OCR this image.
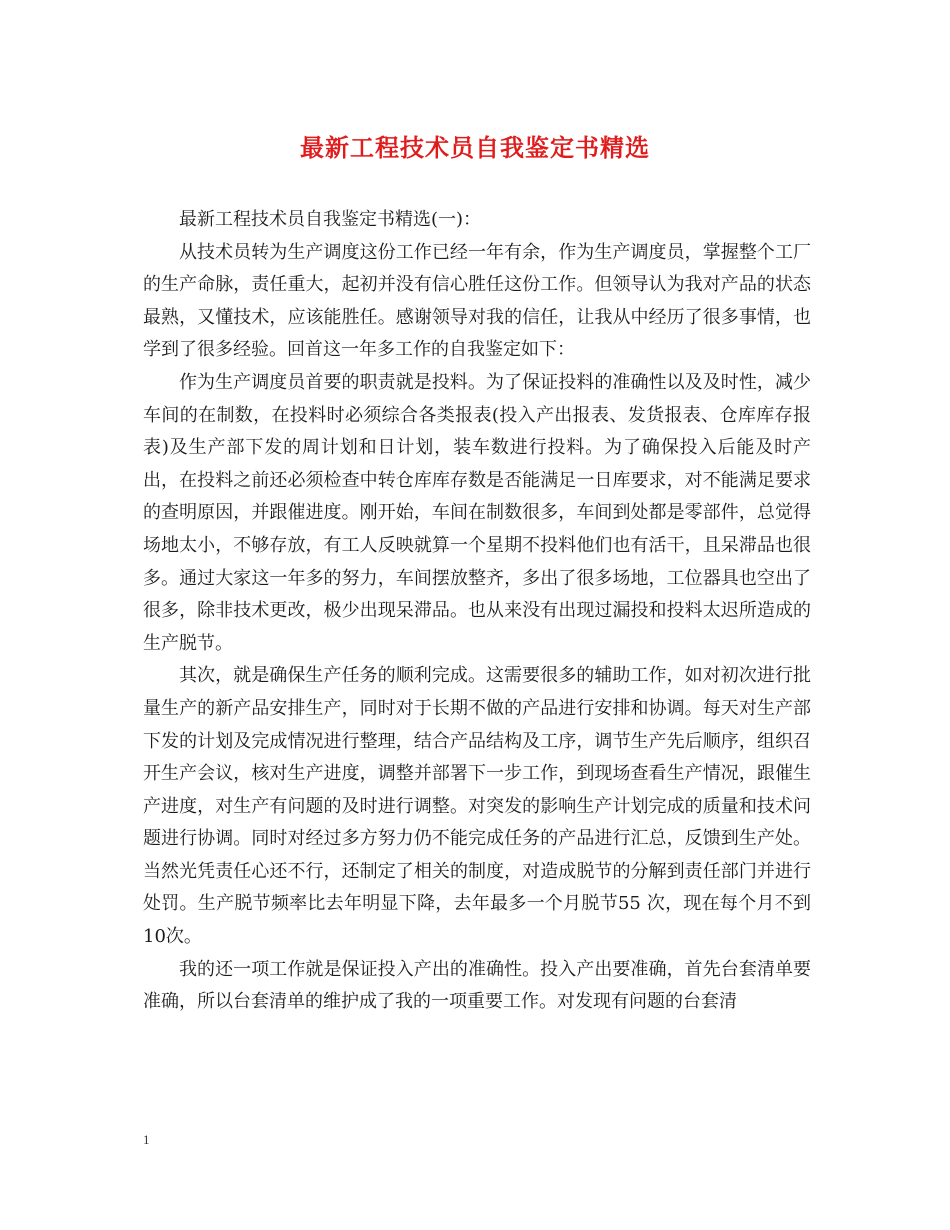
最新工程技术员自我鉴定书精选

最新工程技术员自我鉴定书精选(一)：

从技术员转为生产调度这份工作已经一年有余，作为生产调度员，掌握整个工厂的生产命脉，责任重大，起初并没有信心胜任这份工作。但领导认为我对产品的状态最熟，又懂技术，应该能胜任。感谢领导对我的信任，让我从中经历了很多事情，也学到了很多经验。回首这一年多工作的自我鉴定如下：

作为生产调度员首要的职责就是投料。为了保证投料的准确性以及及时性，减少车间的在制数，在投料时必须综合各类报表(投入产出报表、发货报表、仓库库存报表)及生产部下发的周计划和日计划，装车数进行投料。为了确保投入后能及时产出，在投料之前还必须检查中转仓库库存数是否能满足一日库要求，对不能满足要求的查明原因，并跟催进度。刚开始，车间在制数很多，车间到处都是零部件，总觉得场地太小，不够存放，有工人反映就算一个星期不投料他们也有活干，且呆滞品也很多。通过大家这一年多的努力，车间摆放整齐，多出了很多场地，工位器具也空出了很多，除非技术更改，极少出现呆滞品。也从来没有出现过漏投和投料太迟所造成的生产脱节。

其次，就是确保生产任务的顺利完成。这需要很多的辅助工作，如对初次进行批量生产的新产品安排生产，同时对于长期不做的产品进行安排和协调。每天对生产部下发的计划及完成情况进行整理，结合产品结构及工序，调节生产先后顺序，组织召开生产会议，核对生产进度，调整并部署下一步工作，到现场查看生产情况，跟催生产进度，对生产有问题的及时进行调整。对突发的影响生产计划完成的质量和技术问题进行协调。同时对经过多方努力仍不能完成任务的产品进行汇总，反馈到生产处。当然光凭责任心还不行，还制定了相关的制度，对造成脱节的分解到责任部门并进行处罚。生产脱节频率比去年明显下降，去年最多一个月脱节55 次，现在每个月不到10次。

我的还一项工作就是保证投入产出的准确性。投入产出要准确，首先台套清单要准确，所以台套清单的维护成了我的一项重要工作。对发现有问题的台套清

1
